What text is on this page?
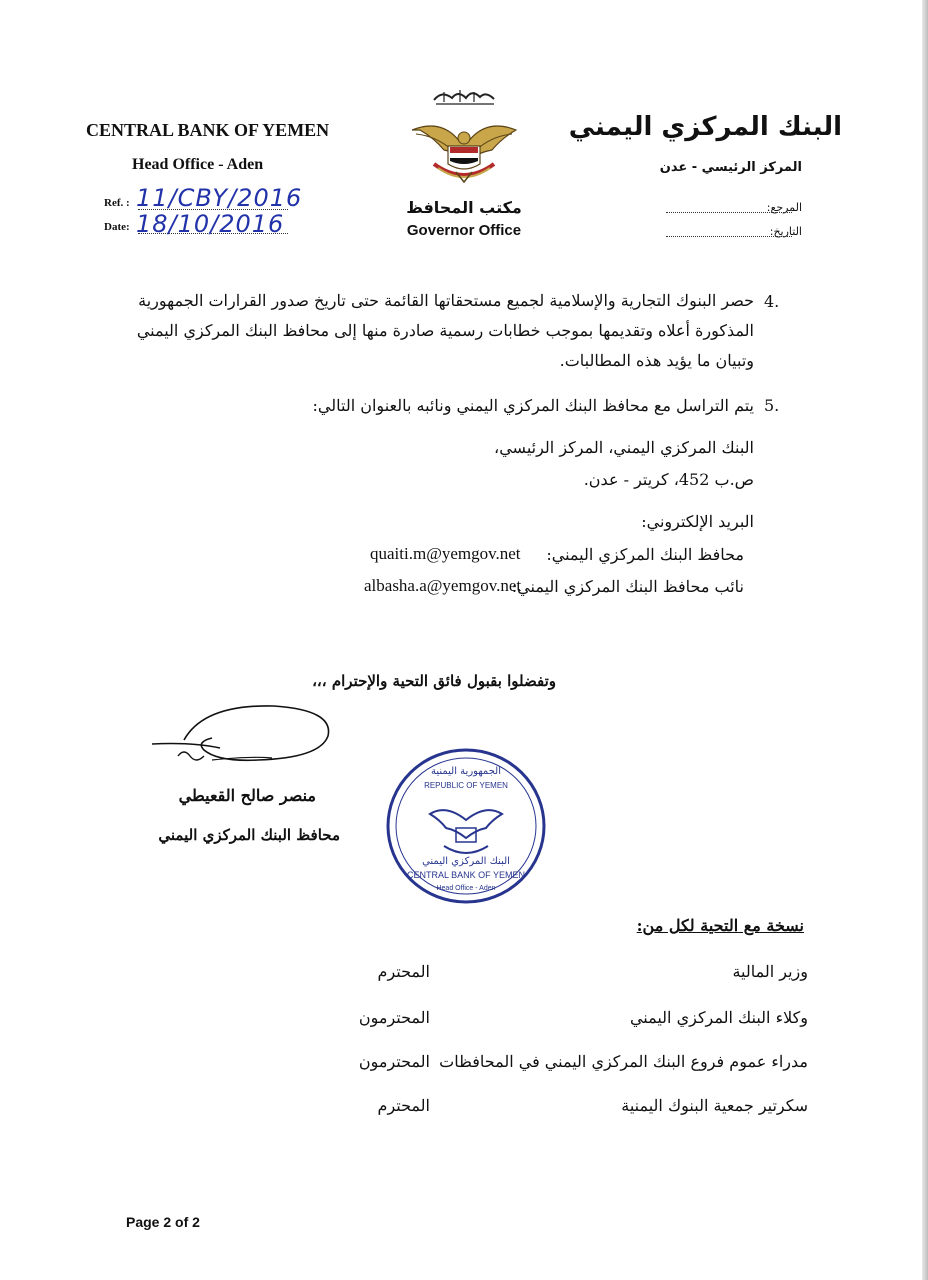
CENTRAL BANK OF YEMEN
Head Office - Aden
Ref. : 11/CBY/2016
Date: 18/10/2016
مكتب المحافظ
Governor Office
البنك المركزي اليمني
المركز الرئيسي - عدن
المرجع:
التاريخ:
4.
حصر البنوك التجارية والإسلامية لجميع مستحقاتها القائمة حتى تاريخ صدور القرارات الجمهورية المذكورة أعلاه وتقديمها بموجب خطابات رسمية صادرة منها إلى محافظ البنك المركزي اليمني وتبيان ما يؤيد هذه المطالبات.
5.
يتم التراسل مع محافظ البنك المركزي اليمني ونائبه بالعنوان التالي:
البنك المركزي اليمني، المركز الرئيسي،
ص.ب 452، كريتر - عدن.
البريد الإلكتروني:
محافظ البنك المركزي اليمني:
quaiti.m@yemgov.net
نائب محافظ البنك المركزي اليمني:
albasha.a@yemgov.net
وتفضلوا بقبول فائق التحية والإحترام ،،،
منصر صالح القعيطي
محافظ البنك المركزي اليمني
الجمهورية اليمنية
REPUBLIC OF YEMEN
البنك المركزي اليمني
CENTRAL BANK OF YEMEN
Head Office - Aden
نسخة مع التحية لكل من:
وزير المالية
المحترم
وكلاء البنك المركزي اليمني
المحترمون
مدراء عموم فروع البنك المركزي اليمني في المحافظات
المحترمون
سكرتير جمعية البنوك اليمنية
المحترم
Page 2 of 2
